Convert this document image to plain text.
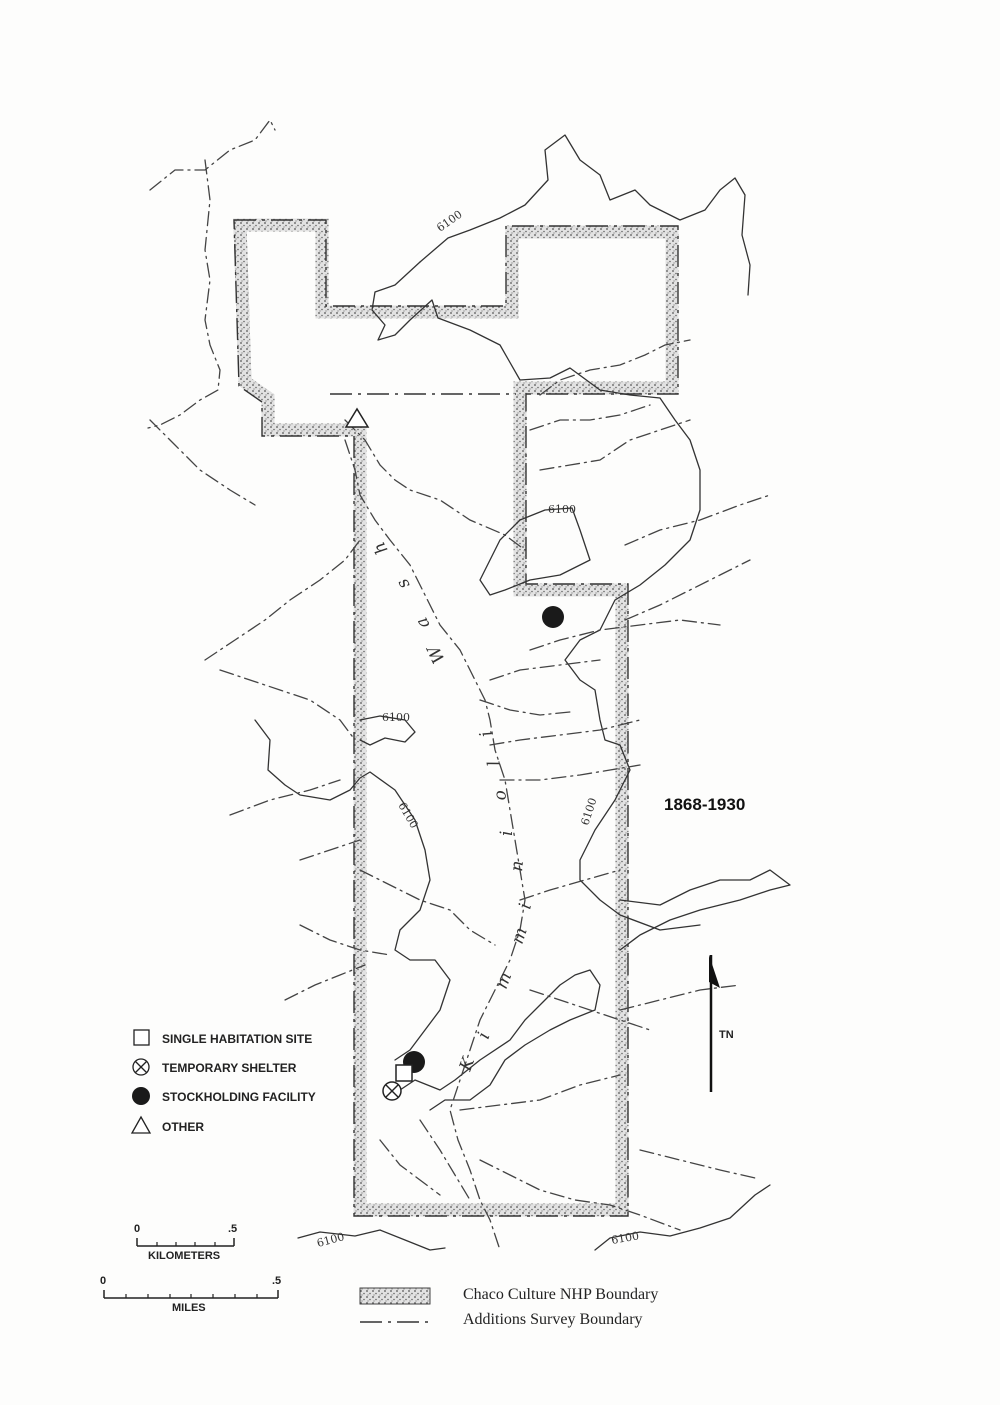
K
i
m
m
i
n
i
o
l
i
W
a
s
h
6100
6100
6100
6100	6100
6100	6100
1868-1930
TN
SINGLE HABITATION SITE
TEMPORARY SHELTER
STOCKHOLDING FACILITY
OTHER
0	.5
KILOMETERS
0	.5
MILES
Chaco Culture NHP Boundary
Additions Survey Boundary
